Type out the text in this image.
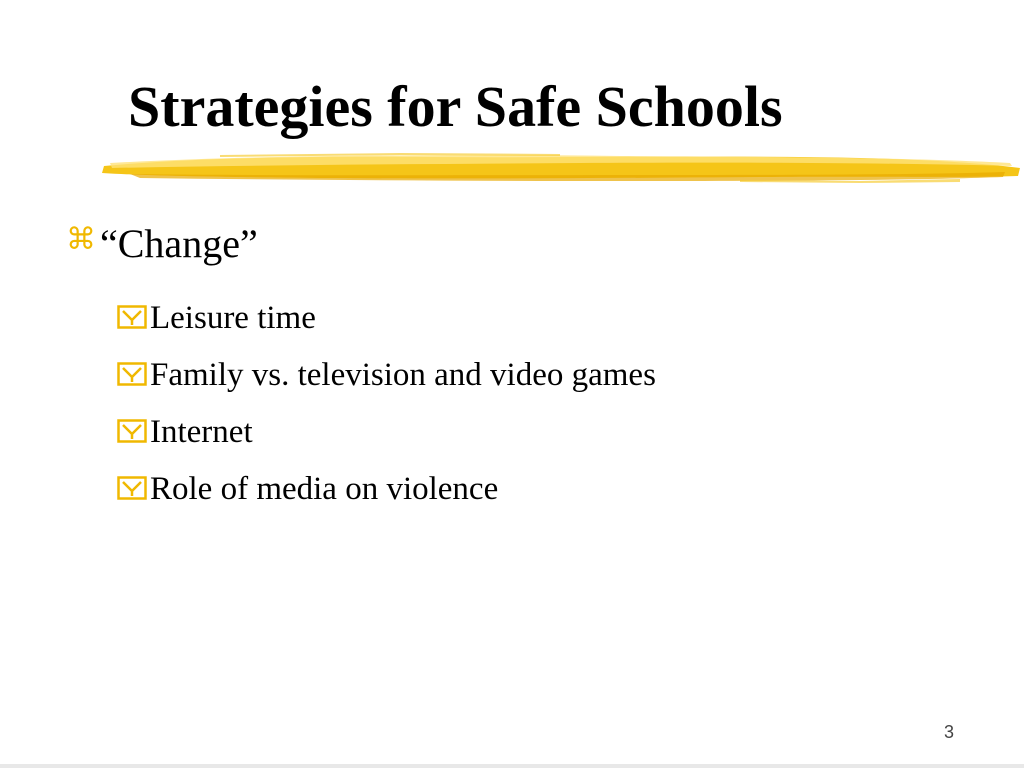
Strategies for Safe Schools
⌘ “Change”
Leisure time
Family vs. television and video games
Internet
Role of media on violence
3
